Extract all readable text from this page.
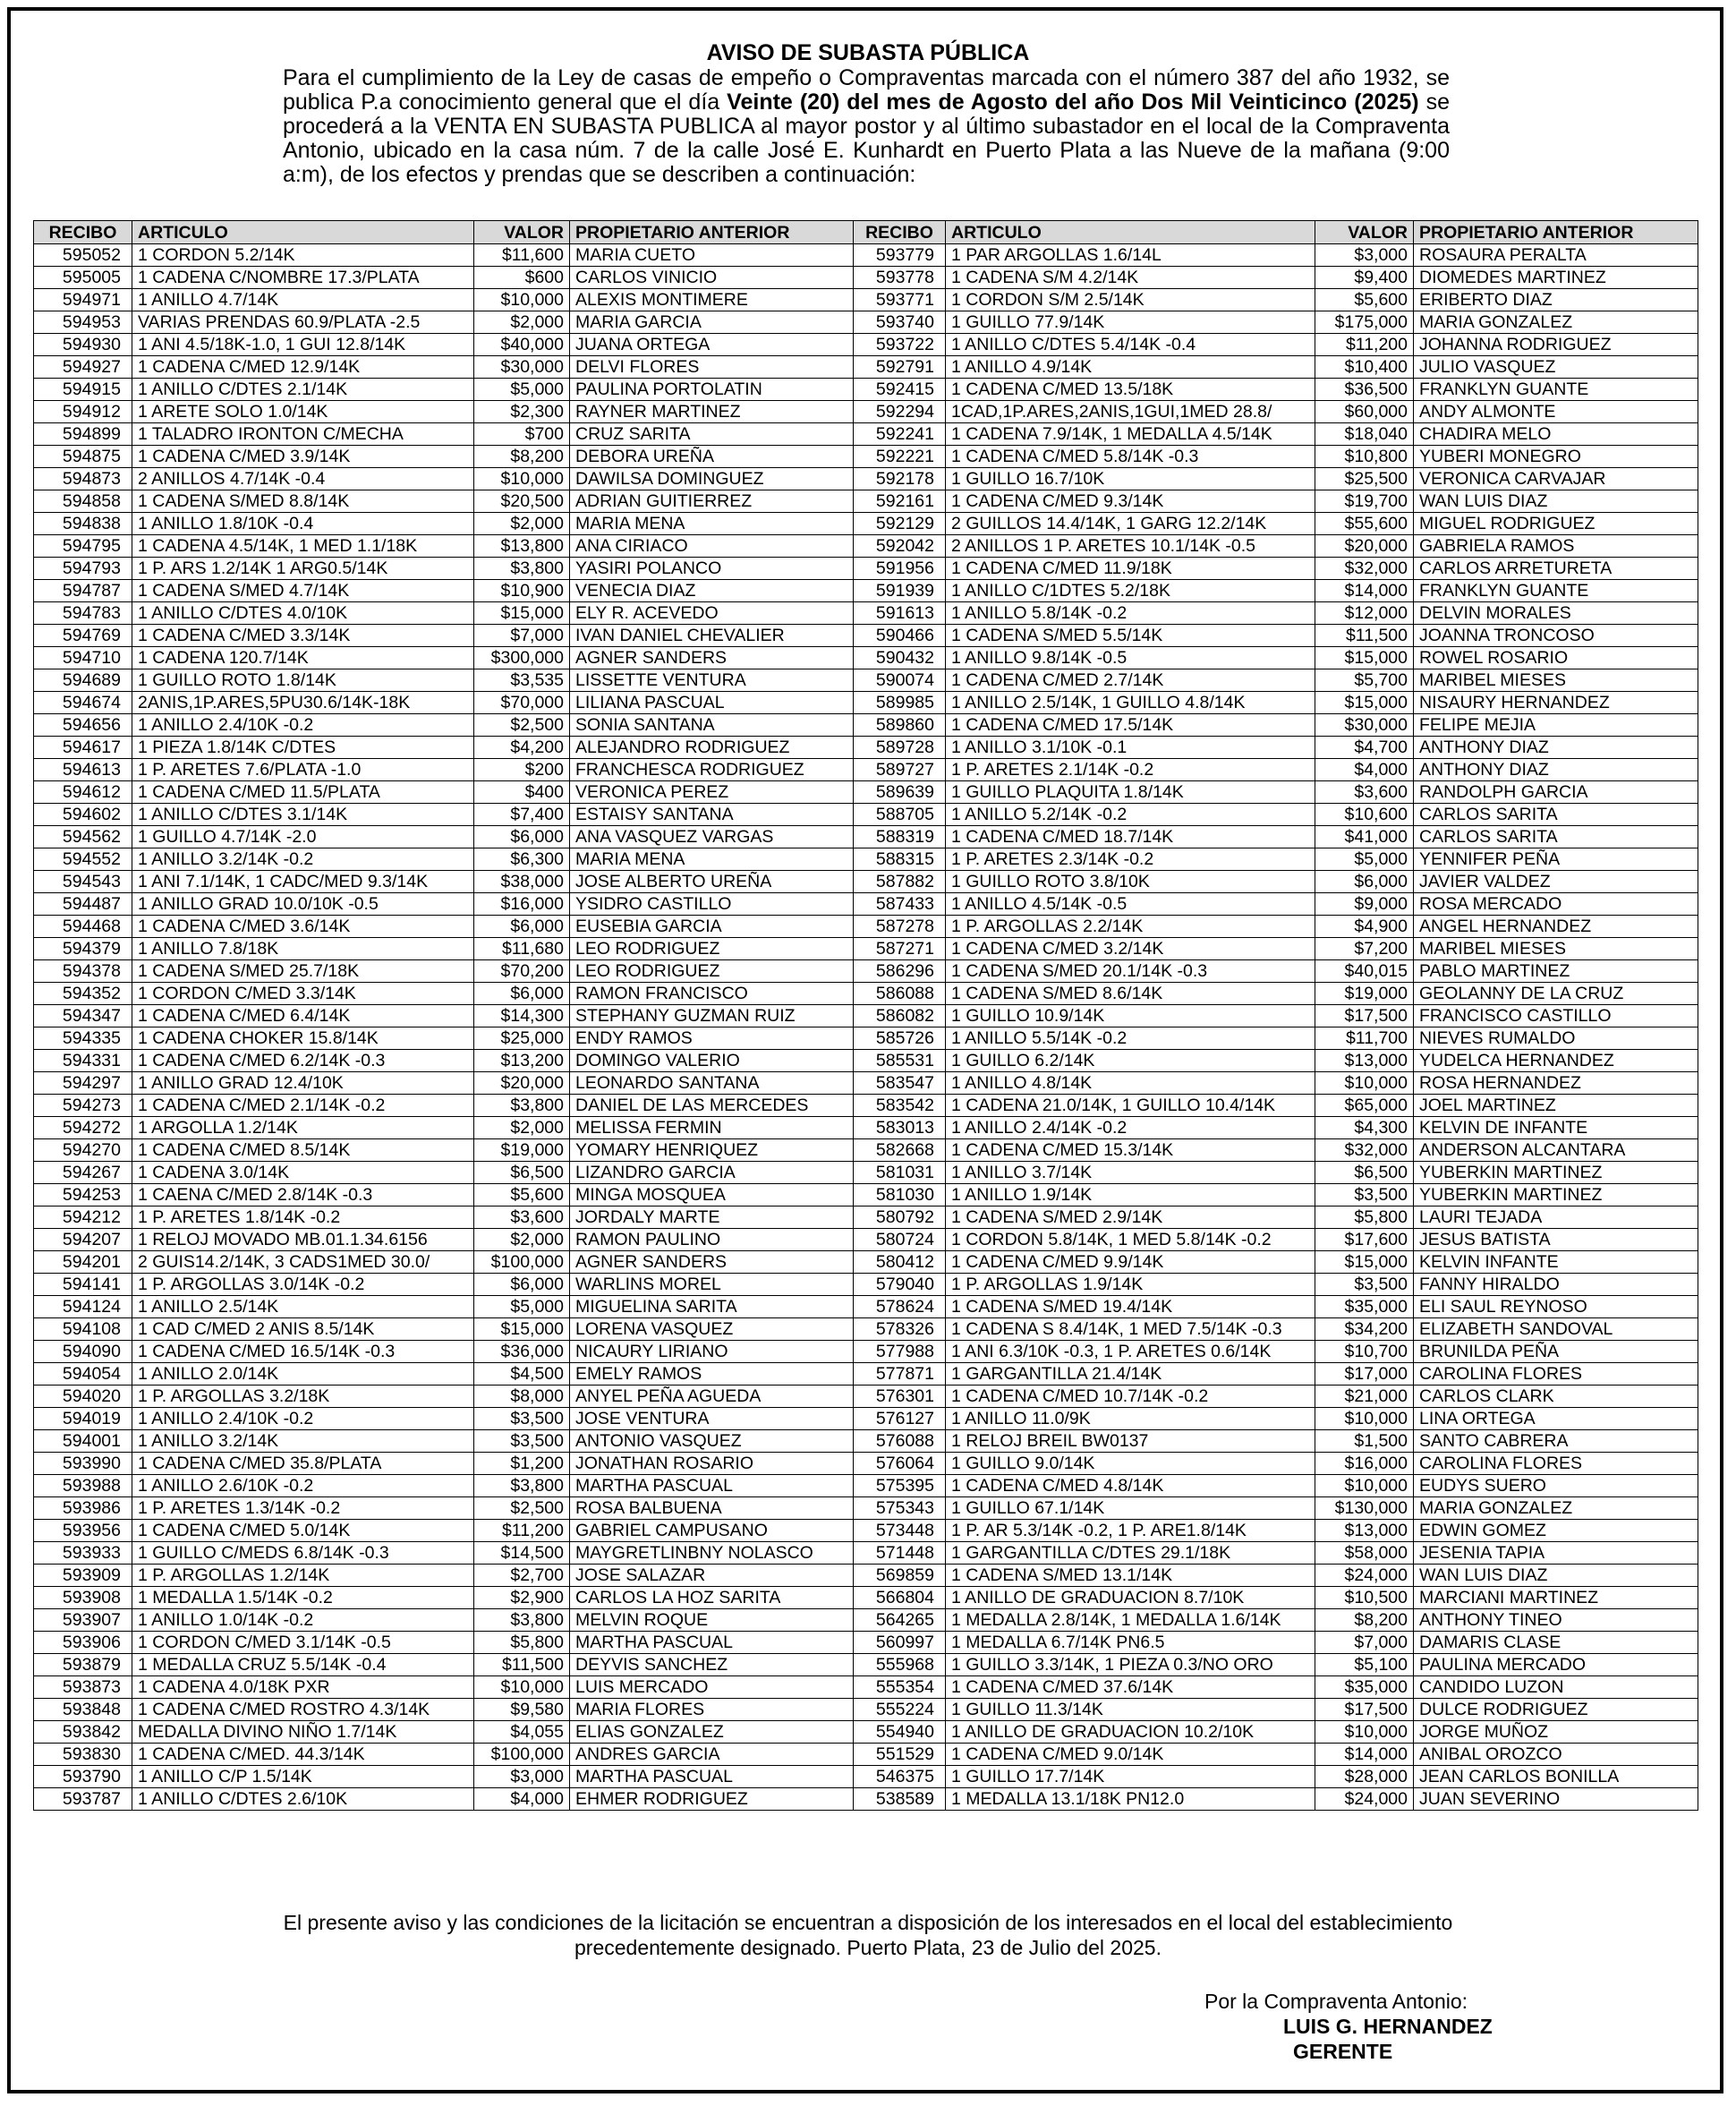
AVISO DE SUBASTA PÚBLICA
Para el cumplimiento de la Ley de casas de empeño o Compraventas marcada con el número 387 del año 1932, se publica P.a conocimiento general que el día Veinte (20) del mes de Agosto del año Dos Mil Veinticinco (2025) se procederá a la VENTA EN SUBASTA PUBLICA al mayor postor y al último subastador en el local de la Compraventa Antonio, ubicado en la casa núm. 7 de la calle José E. Kunhardt en Puerto Plata a las Nueve de la mañana (9:00 a:m), de los efectos y prendas que se describen a continuación:
RECIBO	ARTICULO	VALOR	PROPIETARIO ANTERIOR	RECIBO	ARTICULO	VALOR	PROPIETARIO ANTERIOR
595052	1 CORDON 5.2/14K	$11,600	MARIA CUETO	593779	1 PAR ARGOLLAS 1.6/14L	$3,000	ROSAURA PERALTA
595005	1 CADENA C/NOMBRE 17.3/PLATA	$600	CARLOS VINICIO	593778	1 CADENA S/M 4.2/14K	$9,400	DIOMEDES MARTINEZ
594971	1 ANILLO 4.7/14K	$10,000	ALEXIS MONTIMERE	593771	1 CORDON S/M 2.5/14K	$5,600	ERIBERTO DIAZ
594953	VARIAS PRENDAS 60.9/PLATA -2.5	$2,000	MARIA GARCIA	593740	1 GUILLO 77.9/14K	$175,000	MARIA GONZALEZ
594930	1 ANI 4.5/18K-1.0, 1 GUI 12.8/14K	$40,000	JUANA ORTEGA	593722	1 ANILLO C/DTES 5.4/14K -0.4	$11,200	JOHANNA RODRIGUEZ
594927	1 CADENA C/MED 12.9/14K	$30,000	DELVI FLORES	592791	1 ANILLO 4.9/14K	$10,400	JULIO VASQUEZ
594915	1 ANILLO C/DTES 2.1/14K	$5,000	PAULINA PORTOLATIN	592415	1 CADENA C/MED 13.5/18K	$36,500	FRANKLYN GUANTE
594912	1 ARETE SOLO 1.0/14K	$2,300	RAYNER MARTINEZ	592294	1CAD,1P.ARES,2ANIS,1GUI,1MED 28.8/	$60,000	ANDY ALMONTE
594899	1 TALADRO IRONTON C/MECHA	$700	CRUZ SARITA	592241	1 CADENA 7.9/14K, 1 MEDALLA 4.5/14K	$18,040	CHADIRA MELO
594875	1 CADENA C/MED 3.9/14K	$8,200	DEBORA UREÑA	592221	1 CADENA C/MED 5.8/14K -0.3	$10,800	YUBERI MONEGRO
594873	2 ANILLOS 4.7/14K -0.4	$10,000	DAWILSA DOMINGUEZ	592178	1 GUILLO 16.7/10K	$25,500	VERONICA CARVAJAR
594858	1 CADENA S/MED 8.8/14K	$20,500	ADRIAN GUITIERREZ	592161	1 CADENA C/MED 9.3/14K	$19,700	WAN LUIS DIAZ
594838	1 ANILLO 1.8/10K -0.4	$2,000	MARIA MENA	592129	2 GUILLOS 14.4/14K, 1 GARG 12.2/14K	$55,600	MIGUEL RODRIGUEZ
594795	1 CADENA 4.5/14K, 1 MED 1.1/18K	$13,800	ANA CIRIACO	592042	2 ANILLOS 1 P. ARETES 10.1/14K -0.5	$20,000	GABRIELA RAMOS
594793	1 P. ARS 1.2/14K 1 ARG0.5/14K	$3,800	YASIRI POLANCO	591956	1 CADENA C/MED 11.9/18K	$32,000	CARLOS ARRETURETA
594787	1 CADENA S/MED 4.7/14K	$10,900	VENECIA DIAZ	591939	1 ANILLO C/1DTES 5.2/18K	$14,000	FRANKLYN GUANTE
594783	1 ANILLO C/DTES 4.0/10K	$15,000	ELY R. ACEVEDO	591613	1 ANILLO 5.8/14K -0.2	$12,000	DELVIN MORALES
594769	1 CADENA C/MED 3.3/14K	$7,000	IVAN DANIEL CHEVALIER	590466	1 CADENA S/MED 5.5/14K	$11,500	JOANNA TRONCOSO
594710	1 CADENA 120.7/14K	$300,000	AGNER SANDERS	590432	1 ANILLO 9.8/14K -0.5	$15,000	ROWEL ROSARIO
594689	1 GUILLO ROTO 1.8/14K	$3,535	LISSETTE VENTURA	590074	1 CADENA C/MED 2.7/14K	$5,700	MARIBEL MIESES
594674	2ANIS,1P.ARES,5PU30.6/14K-18K	$70,000	LILIANA PASCUAL	589985	1 ANILLO 2.5/14K, 1 GUILLO 4.8/14K	$15,000	NISAURY HERNANDEZ
594656	1 ANILLO 2.4/10K -0.2	$2,500	SONIA SANTANA	589860	1 CADENA C/MED 17.5/14K	$30,000	FELIPE MEJIA
594617	1 PIEZA 1.8/14K C/DTES	$4,200	ALEJANDRO RODRIGUEZ	589728	1 ANILLO 3.1/10K -0.1	$4,700	ANTHONY DIAZ
594613	1 P. ARETES 7.6/PLATA -1.0	$200	FRANCHESCA RODRIGUEZ	589727	1 P. ARETES 2.1/14K -0.2	$4,000	ANTHONY DIAZ
594612	1 CADENA C/MED 11.5/PLATA	$400	VERONICA PEREZ	589639	1 GUILLO PLAQUITA 1.8/14K	$3,600	RANDOLPH GARCIA
594602	1 ANILLO C/DTES 3.1/14K	$7,400	ESTAISY SANTANA	588705	1 ANILLO 5.2/14K -0.2	$10,600	CARLOS SARITA
594562	1 GUILLO 4.7/14K -2.0	$6,000	ANA VASQUEZ VARGAS	588319	1 CADENA C/MED 18.7/14K	$41,000	CARLOS SARITA
594552	1 ANILLO 3.2/14K -0.2	$6,300	MARIA MENA	588315	1 P. ARETES 2.3/14K -0.2	$5,000	YENNIFER PEÑA
594543	1 ANI 7.1/14K, 1 CADC/MED 9.3/14K	$38,000	JOSE ALBERTO UREÑA	587882	1 GUILLO ROTO 3.8/10K	$6,000	JAVIER VALDEZ
594487	1 ANILLO GRAD 10.0/10K -0.5	$16,000	YSIDRO CASTILLO	587433	1 ANILLO 4.5/14K -0.5	$9,000	ROSA MERCADO
594468	1 CADENA C/MED 3.6/14K	$6,000	EUSEBIA GARCIA	587278	1 P. ARGOLLAS 2.2/14K	$4,900	ANGEL HERNANDEZ
594379	1 ANILLO 7.8/18K	$11,680	LEO RODRIGUEZ	587271	1 CADENA C/MED 3.2/14K	$7,200	MARIBEL MIESES
594378	1 CADENA S/MED 25.7/18K	$70,200	LEO RODRIGUEZ	586296	1 CADENA S/MED 20.1/14K -0.3	$40,015	PABLO MARTINEZ
594352	1 CORDON C/MED 3.3/14K	$6,000	RAMON FRANCISCO	586088	1 CADENA S/MED 8.6/14K	$19,000	GEOLANNY DE LA CRUZ
594347	1 CADENA C/MED 6.4/14K	$14,300	STEPHANY GUZMAN RUIZ	586082	1 GUILLO 10.9/14K	$17,500	FRANCISCO CASTILLO
594335	1 CADENA CHOKER 15.8/14K	$25,000	ENDY RAMOS	585726	1 ANILLO 5.5/14K -0.2	$11,700	NIEVES RUMALDO
594331	1 CADENA C/MED 6.2/14K -0.3	$13,200	DOMINGO VALERIO	585531	1 GUILLO 6.2/14K	$13,000	YUDELCA HERNANDEZ
594297	1 ANILLO GRAD 12.4/10K	$20,000	LEONARDO SANTANA	583547	1 ANILLO 4.8/14K	$10,000	ROSA HERNANDEZ
594273	1 CADENA C/MED 2.1/14K -0.2	$3,800	DANIEL DE LAS MERCEDES	583542	1 CADENA 21.0/14K, 1 GUILLO 10.4/14K	$65,000	JOEL MARTINEZ
594272	1 ARGOLLA 1.2/14K	$2,000	MELISSA FERMIN	583013	1 ANILLO 2.4/14K -0.2	$4,300	KELVIN DE INFANTE
594270	1 CADENA C/MED 8.5/14K	$19,000	YOMARY HENRIQUEZ	582668	1 CADENA C/MED 15.3/14K	$32,000	ANDERSON ALCANTARA
594267	1 CADENA 3.0/14K	$6,500	LIZANDRO GARCIA	581031	1 ANILLO 3.7/14K	$6,500	YUBERKIN MARTINEZ
594253	1 CAENA C/MED 2.8/14K -0.3	$5,600	MINGA MOSQUEA	581030	1 ANILLO 1.9/14K	$3,500	YUBERKIN MARTINEZ
594212	1 P. ARETES 1.8/14K -0.2	$3,600	JORDALY MARTE	580792	1 CADENA S/MED 2.9/14K	$5,800	LAURI TEJADA
594207	1 RELOJ MOVADO MB.01.1.34.6156	$2,000	RAMON PAULINO	580724	1 CORDON 5.8/14K, 1 MED 5.8/14K -0.2	$17,600	JESUS BATISTA
594201	2 GUIS14.2/14K, 3 CADS1MED 30.0/	$100,000	AGNER SANDERS	580412	1 CADENA C/MED 9.9/14K	$15,000	KELVIN INFANTE
594141	1 P. ARGOLLAS 3.0/14K -0.2	$6,000	WARLINS MOREL	579040	1 P. ARGOLLAS 1.9/14K	$3,500	FANNY HIRALDO
594124	1 ANILLO 2.5/14K	$5,000	MIGUELINA SARITA	578624	1 CADENA S/MED 19.4/14K	$35,000	ELI SAUL REYNOSO
594108	1 CAD C/MED 2 ANIS 8.5/14K	$15,000	LORENA VASQUEZ	578326	1 CADENA S 8.4/14K, 1 MED 7.5/14K -0.3	$34,200	ELIZABETH SANDOVAL
594090	1 CADENA C/MED 16.5/14K -0.3	$36,000	NICAURY LIRIANO	577988	1 ANI 6.3/10K -0.3, 1 P. ARETES 0.6/14K	$10,700	BRUNILDA PEÑA
594054	1 ANILLO 2.0/14K	$4,500	EMELY RAMOS	577871	1 GARGANTILLA 21.4/14K	$17,000	CAROLINA FLORES
594020	1 P. ARGOLLAS 3.2/18K	$8,000	ANYEL PEÑA AGUEDA	576301	1 CADENA C/MED 10.7/14K -0.2	$21,000	CARLOS CLARK
594019	1 ANILLO 2.4/10K -0.2	$3,500	JOSE VENTURA	576127	1 ANILLO 11.0/9K	$10,000	LINA ORTEGA
594001	1 ANILLO 3.2/14K	$3,500	ANTONIO VASQUEZ	576088	1 RELOJ BREIL BW0137	$1,500	SANTO CABRERA
593990	1 CADENA C/MED 35.8/PLATA	$1,200	JONATHAN ROSARIO	576064	1 GUILLO 9.0/14K	$16,000	CAROLINA FLORES
593988	1 ANILLO 2.6/10K -0.2	$3,800	MARTHA PASCUAL	575395	1 CADENA C/MED 4.8/14K	$10,000	EUDYS SUERO
593986	1 P. ARETES 1.3/14K -0.2	$2,500	ROSA BALBUENA	575343	1 GUILLO 67.1/14K	$130,000	MARIA GONZALEZ
593956	1 CADENA C/MED 5.0/14K	$11,200	GABRIEL CAMPUSANO	573448	1 P. AR 5.3/14K -0.2, 1 P. ARE1.8/14K	$13,000	EDWIN GOMEZ
593933	1 GUILLO C/MEDS 6.8/14K -0.3	$14,500	MAYGRETLINBNY NOLASCO	571448	1 GARGANTILLA C/DTES 29.1/18K	$58,000	JESENIA TAPIA
593909	1 P. ARGOLLAS 1.2/14K	$2,700	JOSE SALAZAR	569859	1 CADENA S/MED 13.1/14K	$24,000	WAN LUIS DIAZ
593908	1 MEDALLA 1.5/14K -0.2	$2,900	CARLOS LA HOZ SARITA	566804	1 ANILLO DE GRADUACION 8.7/10K	$10,500	MARCIANI MARTINEZ
593907	1 ANILLO 1.0/14K -0.2	$3,800	MELVIN ROQUE	564265	1 MEDALLA 2.8/14K, 1 MEDALLA 1.6/14K	$8,200	ANTHONY TINEO
593906	1 CORDON C/MED 3.1/14K -0.5	$5,800	MARTHA PASCUAL	560997	1 MEDALLA 6.7/14K PN6.5	$7,000	DAMARIS CLASE
593879	1 MEDALLA CRUZ 5.5/14K -0.4	$11,500	DEYVIS SANCHEZ	555968	1 GUILLO 3.3/14K, 1 PIEZA 0.3/NO ORO	$5,100	PAULINA MERCADO
593873	1 CADENA 4.0/18K PXR	$10,000	LUIS MERCADO	555354	1 CADENA C/MED 37.6/14K	$35,000	CANDIDO LUZON
593848	1 CADENA C/MED ROSTRO 4.3/14K	$9,580	MARIA FLORES	555224	1 GUILLO 11.3/14K	$17,500	DULCE RODRIGUEZ
593842	MEDALLA DIVINO NIÑO 1.7/14K	$4,055	ELIAS GONZALEZ	554940	1 ANILLO DE GRADUACION 10.2/10K	$10,000	JORGE MUÑOZ
593830	1 CADENA C/MED. 44.3/14K	$100,000	ANDRES GARCIA	551529	1 CADENA C/MED 9.0/14K	$14,000	ANIBAL OROZCO
593790	1 ANILLO C/P 1.5/14K	$3,000	MARTHA PASCUAL	546375	1 GUILLO 17.7/14K	$28,000	JEAN CARLOS BONILLA
593787	1 ANILLO C/DTES 2.6/10K	$4,000	EHMER RODRIGUEZ	538589	1 MEDALLA 13.1/18K PN12.0	$24,000	JUAN SEVERINO
El presente aviso y las condiciones de la licitación se encuentran a disposición de los interesados en el local del establecimiento precedentemente designado. Puerto Plata, 23 de Julio del 2025.
Por la Compraventa Antonio:
LUIS G. HERNANDEZ
GERENTE
